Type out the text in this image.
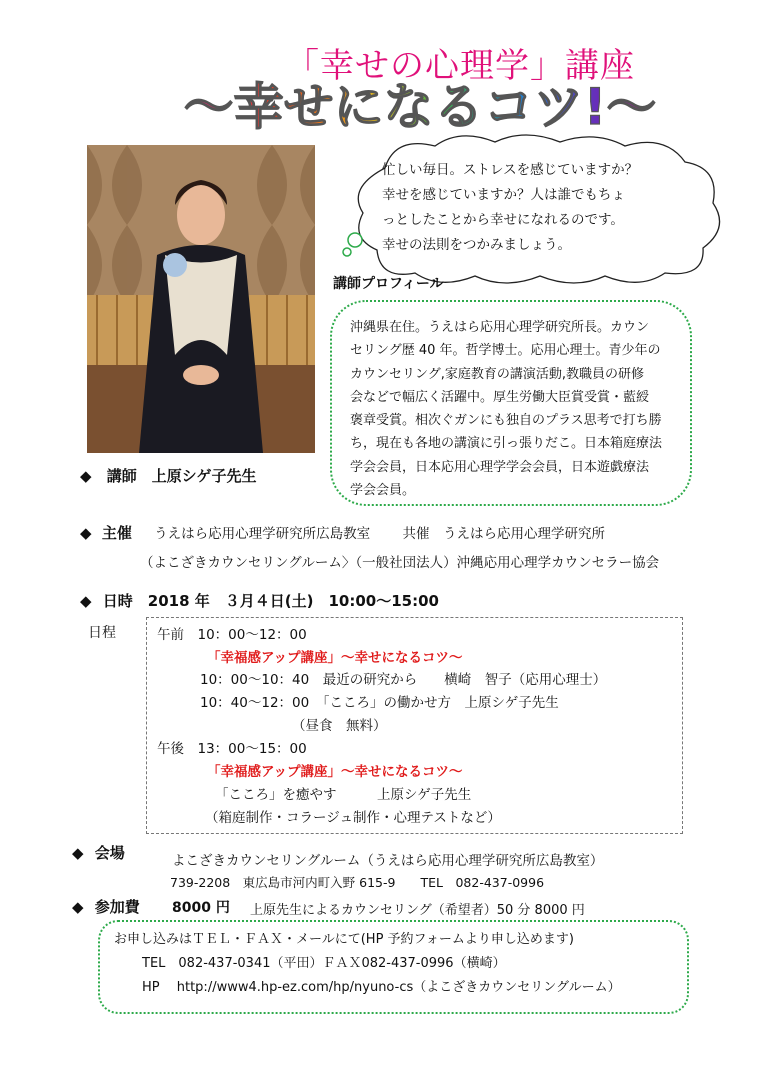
「幸せの心理学」講座
〜幸せになるコツ!〜
忙しい毎日。ストレスを感じていますか？
幸せを感じていますか？人は誰でもちょ
っとしたことから幸せになれるのです。
幸せの法則をつかみましょう。
講師プロフィール
沖縄県在住。うえはら応用心理学研究所長。カウン
セリング歴 40 年。哲学博士。応用心理士。青少年の
カウンセリング,家庭教育の講演活動,教職員の研修
会などで幅広く活躍中。厚生労働大臣賞受賞・藍綬
褒章受賞。相次ぐガンにも独自のプラス思考で打ち勝
ち，現在も各地の講演に引っ張りだこ。日本箱庭療法
学会会員，日本応用心理学学会会員，日本遊戯療法
学会会員。
◆ 講師　上原シゲ子先生
◆ 主催 うえはら応用心理学研究所広島教室 共催　うえはら応用心理学研究所
（よこざきカウンセリングルーム〉（一般社団法人）沖縄応用心理学カウンセラー協会
◆ 日時　2018 年　３月４日(土)　10:00〜15:00
日程	午前　10：00〜12：00
「幸福感アップ講座」〜幸せになるコツ〜
10：00〜10：40　最近の研究から　　横崎　智子（応用心理士）
10：40〜12：00　「こころ」の働かせ方　上原シゲ子先生
（昼食　無料）
午後　13：00〜15：00
「幸福感アップ講座」〜幸せになるコツ〜
「こころ」を癒やす　　　上原シゲ子先生
（箱庭制作・コラージュ制作・心理テストなど）
◆ 会場	よこざきカウンセリングルーム（うえはら応用心理学研究所広島教室）
739-2208　東広島市河内町入野 615-9　　TEL　082-437-0996
◆ 参加費 8000 円 上原先生によるカウンセリング（希望者）50 分 8000 円
お申し込みはＴＥＬ・ＦＡＸ・メールにて(HP 予約フォームより申し込めます)
TEL　082-437-0341（平田）ＦＡＸ082-437-0996（横崎）
HP　 http://www4.hp-ez.com/hp/nyuno-cs（よこざきカウンセリングルーム）
